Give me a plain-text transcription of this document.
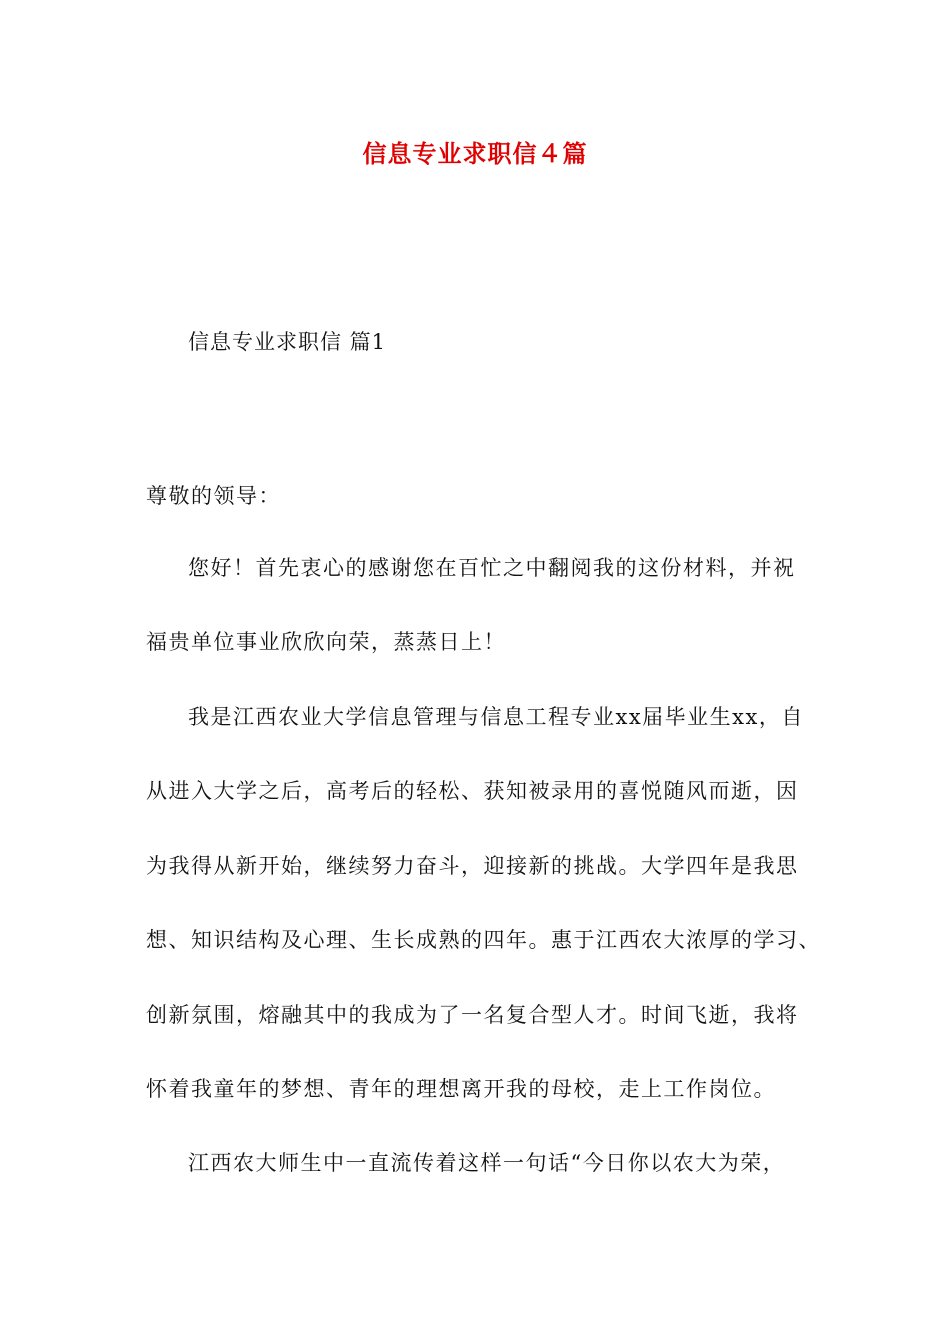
信息专业求职信４篇
信息专业求职信 篇1
尊敬的领导：
您好！首先衷心的感谢您在百忙之中翻阅我的这份材料，并祝
福贵单位事业欣欣向荣，蒸蒸日上！
我是江西农业大学信息管理与信息工程专业xx届毕业生xx，自
从进入大学之后，高考后的轻松、获知被录用的喜悦随风而逝，因
为我得从新开始，继续努力奋斗，迎接新的挑战。大学四年是我思
想、知识结构及心理、生长成熟的四年。惠于江西农大浓厚的学习、
创新氛围，熔融其中的我成为了一名复合型人才。时间飞逝，我将
怀着我童年的梦想、青年的理想离开我的母校，走上工作岗位。
江西农大师生中一直流传着这样一句话“今日你以农大为荣，
